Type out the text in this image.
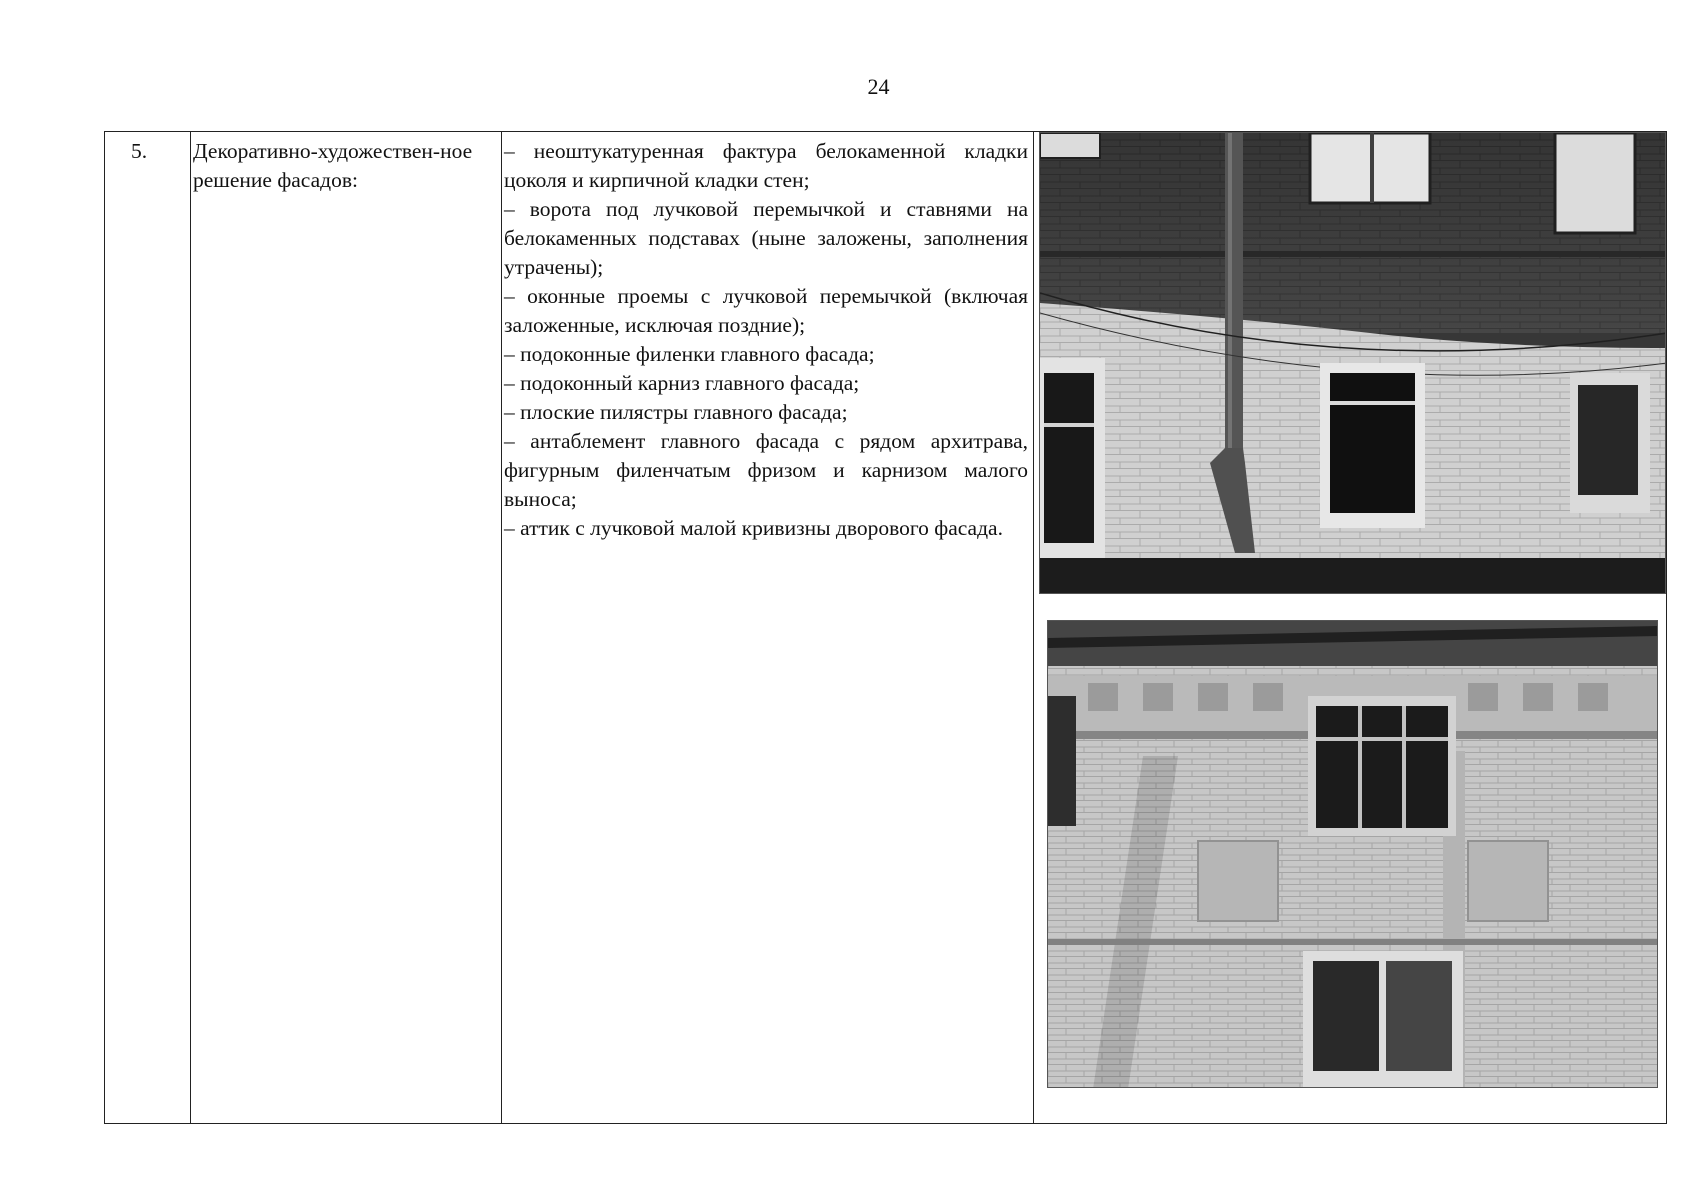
24
5. Декоративно-художествен-ное решение фасадов:
– неоштукатуренная фактура белокаменной кладки цоколя и кирпичной кладки стен;
– ворота под лучковой перемычкой и ставнями на белокаменных подставах (ныне заложены, заполнения утрачены);
– оконные проемы с лучковой перемычкой (включая заложенные, исключая поздние);
– подоконные филенки главного фасада;
– подоконный карниз главного фасада;
– плоские пилястры главного фасада;
– антаблемент главного фасада с рядом архитрава, фигурным филенчатым фризом и карнизом малого выноса;
– аттик с лучковой малой кривизны дворового фасада.
